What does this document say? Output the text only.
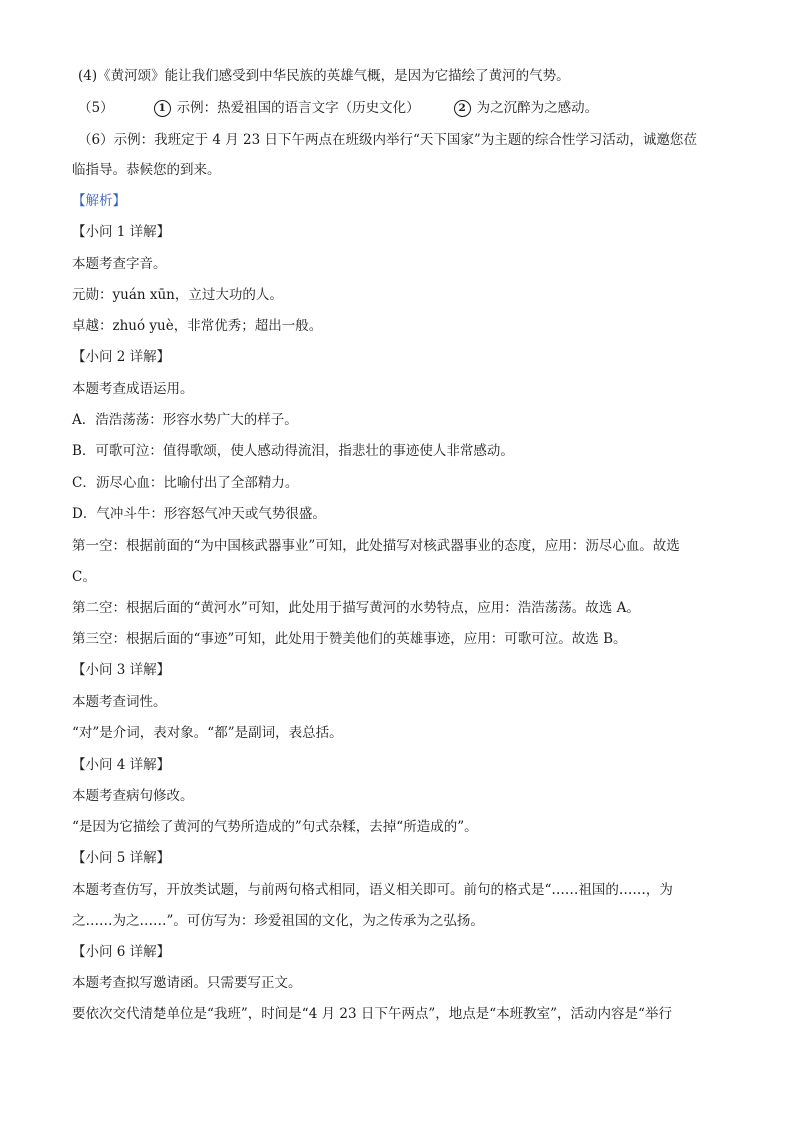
(4)《黄河颂》能让我们感受到中华民族的英雄气概，是因为它描绘了黄河的气势。
（5）	1 示例：热爱祖国的语言文字（历史文化）	2 为之沉醉为之感动。
（6）示例：我班定于 4 月 23 日下午两点在班级内举行“天下国家”为主题的综合性学习活动，诚邀您莅
临指导。恭候您的到来。
【解析】
【小问 1 详解】
本题考查字音。
元勋：yuán xūn，立过大功的人。
卓越：zhuó yuè，非常优秀；超出一般。
【小问 2 详解】
本题考查成语运用。
A．浩浩荡荡：形容水势广大的样子。
B．可歌可泣：值得歌颂，使人感动得流泪，指悲壮的事迹使人非常感动。
C．沥尽心血：比喻付出了全部精力。
D．气冲斗牛：形容怒气冲天或气势很盛。
第一空：根据前面的“为中国核武器事业”可知，此处描写对核武器事业的态度，应用：沥尽心血。故选
C。
第二空：根据后面的“黄河水”可知，此处用于描写黄河的水势特点，应用：浩浩荡荡。故选 A。
第三空：根据后面的“事迹”可知，此处用于赞美他们的英雄事迹，应用：可歌可泣。故选 B。
【小问 3 详解】
本题考查词性。
“对”是介词，表对象。“都”是副词，表总括。
【小问 4 详解】
本题考查病句修改。
“是因为它描绘了黄河的气势所造成的”句式杂糅，去掉“所造成的”。
【小问 5 详解】
本题考查仿写，开放类试题，与前两句格式相同，语义相关即可。前句的格式是“……祖国的……，为
之……为之……”。可仿写为：珍爱祖国的文化，为之传承为之弘扬。
【小问 6 详解】
本题考查拟写邀请函。只需要写正文。
要依次交代清楚单位是“我班”，时间是“4 月 23 日下午两点”，地点是“本班教室”，活动内容是“举行
